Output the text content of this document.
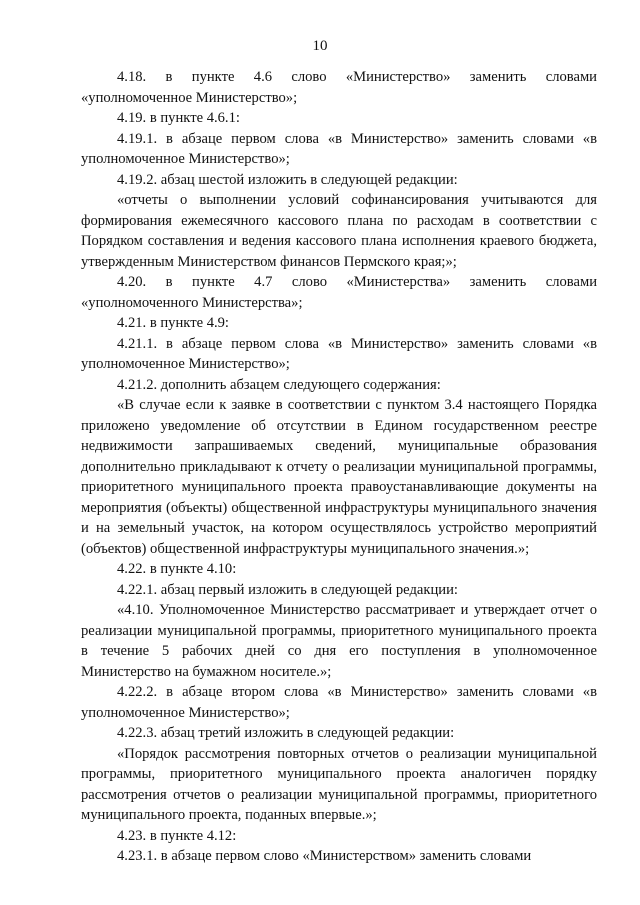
10

4.18. в пункте 4.6 слово «Министерство» заменить словами «уполномоченное Министерство»;

4.19. в пункте 4.6.1:

4.19.1. в абзаце первом слова «в Министерство» заменить словами «в уполномоченное Министерство»;

4.19.2. абзац шестой изложить в следующей редакции:

«отчеты о выполнении условий софинансирования учитываются для формирования ежемесячного кассового плана по расходам в соответствии с Порядком составления и ведения кассового плана исполнения краевого бюджета, утвержденным Министерством финансов Пермского края;»;

4.20. в пункте 4.7 слово «Министерства» заменить словами «уполномоченного Министерства»;

4.21. в пункте 4.9:

4.21.1. в абзаце первом слова «в Министерство» заменить словами «в уполномоченное Министерство»;

4.21.2. дополнить абзацем следующего содержания:

«В случае если к заявке в соответствии с пунктом 3.4 настоящего Порядка приложено уведомление об отсутствии в Едином государственном реестре недвижимости запрашиваемых сведений, муниципальные образования дополнительно прикладывают к отчету о реализации муниципальной программы, приоритетного муниципального проекта правоустанавливающие документы на мероприятия (объекты) общественной инфраструктуры муниципального значения и на земельный участок, на котором осуществлялось устройство мероприятий (объектов) общественной инфраструктуры муниципального значения.»;

4.22. в пункте 4.10:

4.22.1. абзац первый изложить в следующей редакции:

«4.10. Уполномоченное Министерство рассматривает и утверждает отчет о реализации муниципальной программы, приоритетного муниципального проекта в течение 5 рабочих дней со дня его поступления в уполномоченное Министерство на бумажном носителе.»;

4.22.2. в абзаце втором слова «в Министерство» заменить словами «в уполномоченное Министерство»;

4.22.3. абзац третий изложить в следующей редакции:

«Порядок рассмотрения повторных отчетов о реализации муниципальной программы, приоритетного муниципального проекта аналогичен порядку рассмотрения отчетов о реализации муниципальной программы, приоритетного муниципального проекта, поданных впервые.»;

4.23. в пункте 4.12:

4.23.1. в абзаце первом слово «Министерством» заменить словами
